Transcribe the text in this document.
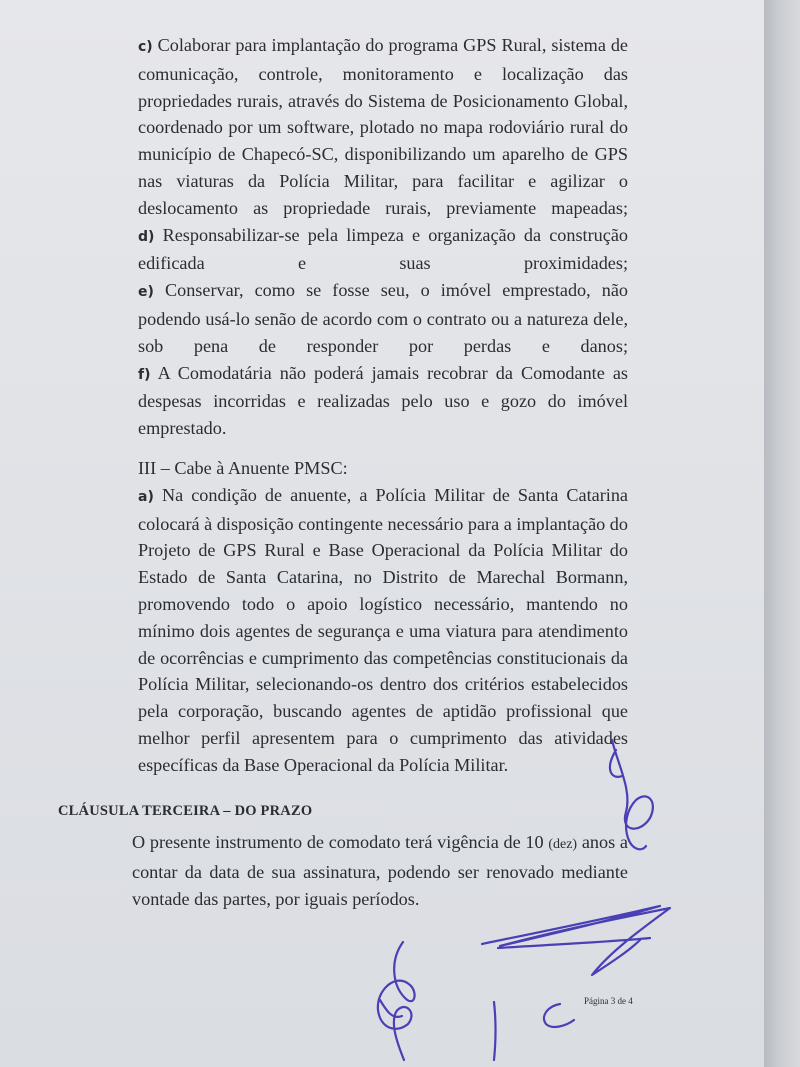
c) Colaborar para implantação do programa GPS Rural, sistema de comunicação, controle, monitoramento e localização das propriedades rurais, através do Sistema de Posicionamento Global, coordenado por um software, plotado no mapa rodoviário rural do município de Chapecó-SC, disponibilizando um aparelho de GPS nas viaturas da Polícia Militar, para facilitar e agilizar o deslocamento as propriedade rurais, previamente mapeadas;

d) Responsabilizar-se pela limpeza e organização da construção edificada e suas proximidades;

e) Conservar, como se fosse seu, o imóvel emprestado, não podendo usá-lo senão de acordo com o contrato ou a natureza dele, sob pena de responder por perdas e danos;

f) A Comodatária não poderá jamais recobrar da Comodante as despesas incorridas e realizadas pelo uso e gozo do imóvel emprestado.

III – Cabe à Anuente PMSC:

a) Na condição de anuente, a Polícia Militar de Santa Catarina colocará à disposição contingente necessário para a implantação do Projeto de GPS Rural e Base Operacional da Polícia Militar do Estado de Santa Catarina, no Distrito de Marechal Bormann, promovendo todo o apoio logístico necessário, mantendo no mínimo dois agentes de segurança e uma viatura para atendimento de ocorrências e cumprimento das competências constitucionais da Polícia Militar, selecionando-os dentro dos critérios estabelecidos pela corporação, buscando agentes de aptidão profissional que melhor perfil apresentem para o cumprimento das atividades específicas da Base Operacional da Polícia Militar.

CLÁUSULA TERCEIRA – DO PRAZO

O presente instrumento de comodato terá vigência de 10 (dez) anos a contar da data de sua assinatura, podendo ser renovado mediante vontade das partes, por iguais períodos.

Página 3 de 4
